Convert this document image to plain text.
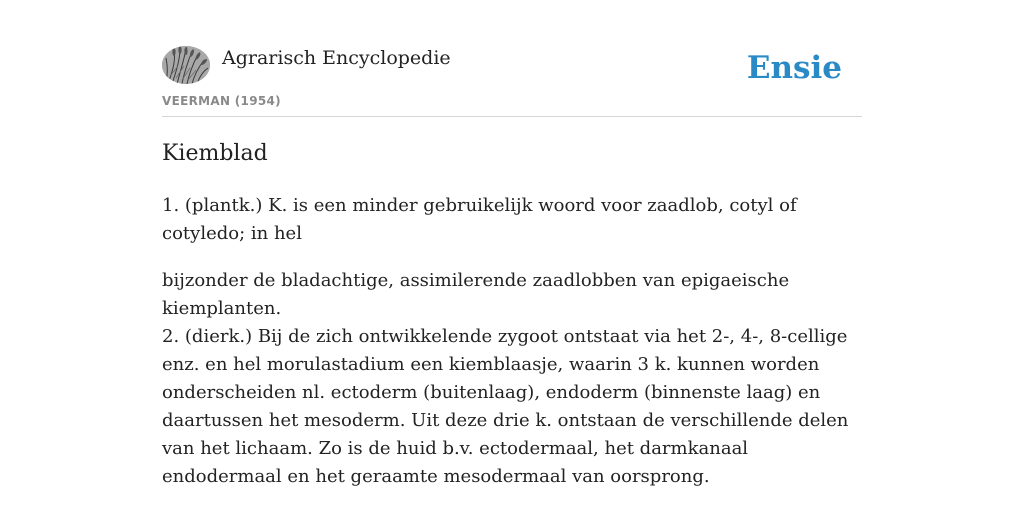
Agrarisch Encyclopedie
VEERMAN (1954)
Ensie
Kiemblad

1. (plantk.) K. is een minder gebruikelijk woord voor zaadlob, cotyl of cotyledo; in hel

bijzonder de bladachtige, assimilerende zaadlobben van epigaeische kiemplanten.

2. (dierk.) Bij de zich ontwikkelende zygoot ontstaat via het 2-, 4-, 8-cellige enz. en hel morulastadium een kiemblaasje, waarin 3 k. kunnen worden onderscheiden nl. ectoderm (buitenlaag), endoderm (binnenste laag) en daartussen het mesoderm. Uit deze drie k. ontstaan de verschillende delen van het lichaam. Zo is de huid b.v. ectodermaal, het darmkanaal endodermaal en het geraamte mesodermaal van oorsprong.
